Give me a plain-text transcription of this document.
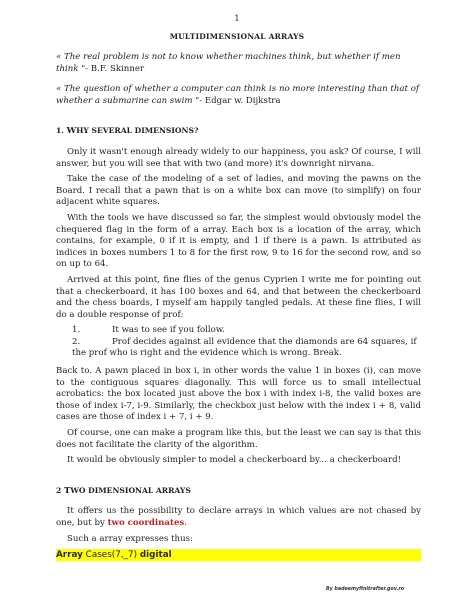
1
MULTIDIMENSIONAL ARRAYS

« The real problem is not to know whether machines think, but whether if men think "- B.F. Skinner

« The question of whether a computer can think is no more interesting than that of whether a submarine can swim "- Edgar w. Dijkstra

1. WHY SEVERAL DIMENSIONS?

Only it wasn't enough already widely to our happiness, you ask? Of course, I will answer, but you will see that with two (and more) it's downright nirvana.

Take the case of the modeling of a set of ladies, and moving the pawns on the Board. I recall that a pawn that is on a white box can move (to simplify) on four adjacent white squares.

With the tools we have discussed so far, the simplest would obviously model the chequered flag in the form of a array. Each box is a location of the array, which contains, for example, 0 if it is empty, and 1 if there is a pawn. Is attributed as indices in boxes numbers 1 to 8 for the first row, 9 to 16 for the second row, and so on up to 64.

Arrived at this point, fine flies of the genus Cyprien I write me for pointing out that a checkerboard, it has 100 boxes and 64, and that between the checkerboard and the chess boards, I myself am happily tangled pedals. At these fine flies, I will do a double response of prof:

1.	It was to see if you follow.
2.	Prof decides against all evidence that the diamonds are 64 squares, if the prof who is right and the evidence which is wrong. Break.

Back to. A pawn placed in box i, in other words the value 1 in boxes (i), can move to the contiguous squares diagonally. This will force us to small intellectual acrobatics: the box located just above the box i with index i-8, the valid boxes are those of index i-7, i-9. Similarly, the checkbox just below with the index i + 8, valid cases are those of index i + 7, i + 9.

Of course, one can make a program like this, but the least we can say is that this does not facilitate the clarity of the algorithm.

It would be obviously simpler to model a checkerboard by... a checkerboard!

2 TWO DIMENSIONAL ARRAYS

It offers us the possibility to declare arrays in which values are not chased by one, but by two coordinates.

Such a array expresses thus:

Array Cases(7,_7) digital
By badeemyfinitrafter.gov.ro
